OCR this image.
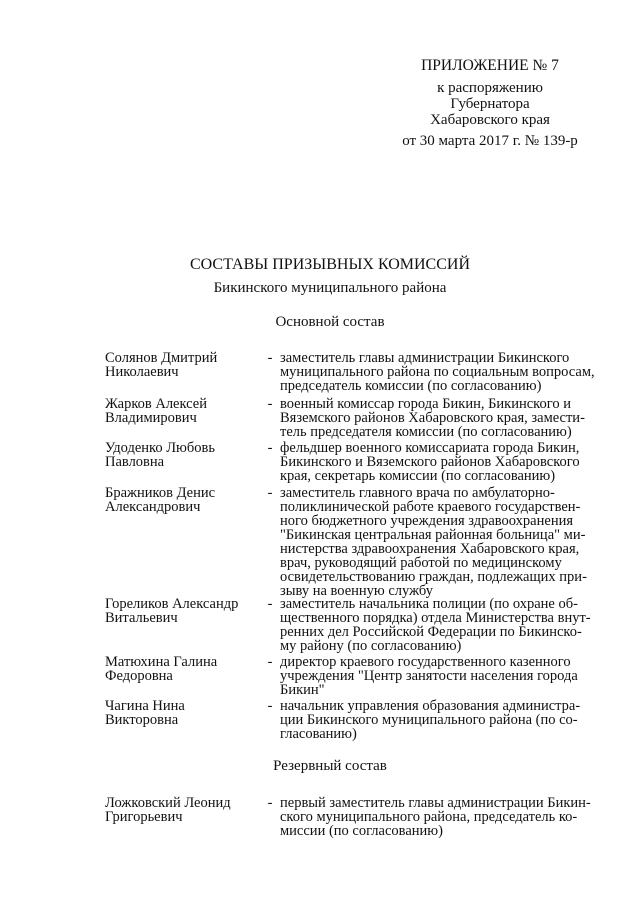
ПРИЛОЖЕНИЕ № 7
к распоряжению
Губернатора
Хабаровского края
от 30 марта 2017 г. № 139-р
СОСТАВЫ ПРИЗЫВНЫХ КОМИССИЙ
Бикинского муниципального района
Основной состав
Солянов Дмитрий
Николаевич
- заместитель главы администрации Бикинского
муниципального района по социальным вопросам,
председатель комиссии (по согласованию)
Жарков Алексей
Владимирович
- военный комиссар города Бикин, Бикинского и
Вяземского районов Хабаровского края, замести-
тель председателя комиссии (по согласованию)
Удоденко Любовь
Павловна
- фельдшер военного комиссариата города Бикин,
Бикинского и Вяземского районов Хабаровского
края, секретарь комиссии (по согласованию)
Бражников Денис
Александрович
- заместитель главного врача по амбулаторно-
поликлинической работе краевого государствен-
ного бюджетного учреждения здравоохранения
"Бикинская центральная районная больница" ми-
нистерства здравоохранения Хабаровского края,
врач, руководящий работой по медицинскому
освидетельствованию граждан, подлежащих при-
зыву на военную службу
Гореликов Александр
Витальевич
- заместитель начальника полиции (по охране об-
щественного порядка) отдела Министерства внут-
ренних дел Российской Федерации по Бикинско-
му району (по согласованию)
Матюхина Галина
Федоровна
- директор краевого государственного казенного
учреждения "Центр занятости населения города
Бикин"
Чагина Нина
Викторовна
- начальник управления образования администра-
ции Бикинского муниципального района (по со-
гласованию)
Резервный состав
Ложковский Леонид
Григорьевич
- первый заместитель главы администрации Бикин-
ского муниципального района, председатель ко-
миссии (по согласованию)
